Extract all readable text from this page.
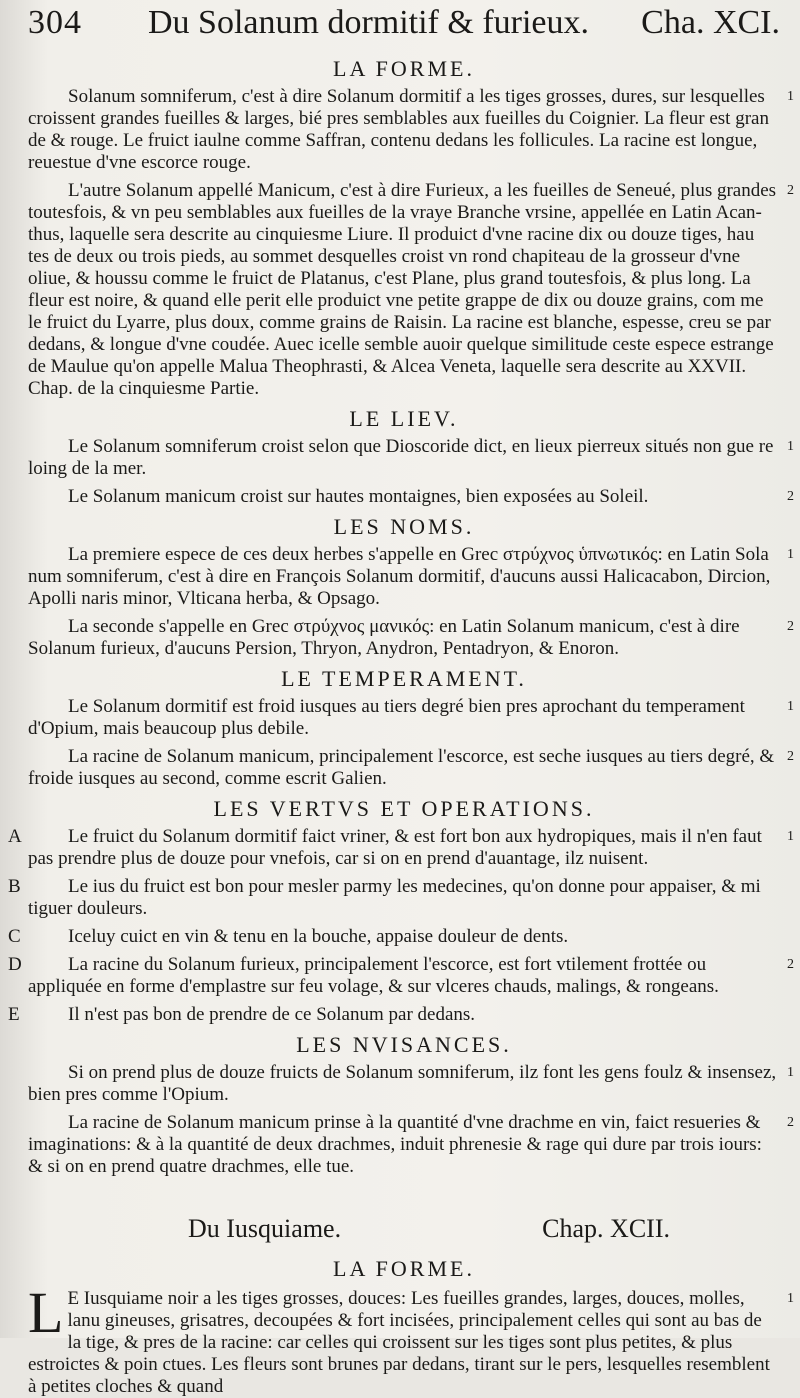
304 Du Solanum dormitif & furieux. Cha. XCI.
LA FORME.
Solanum somniferum, c'est à dire Solanum dormitif a les tiges grosses, dures, sur lesquelles croissent grandes fueilles & larges, bié pres semblables aux fueilles du Coignier. La fleur est gran de & rouge. Le fruict iaulne comme Saffran, contenu dedans les follicules. La racine est longue, reuestue d'vne escorce rouge.
1
L'autre Solanum appellé Manicum, c'est à dire Furieux, a les fueilles de Seneué, plus grandes toutesfois, & vn peu semblables aux fueilles de la vraye Branche vrsine, appellée en Latin Acan-thus, laquelle sera descrite au cinquiesme Liure. Il produict d'vne racine dix ou douze tiges, hau tes de deux ou trois pieds, au sommet desquelles croist vn rond chapiteau de la grosseur d'vne oliue, & houssu comme le fruict de Platanus, c'est Plane, plus grand toutesfois, & plus long. La fleur est noire, & quand elle perit elle produict vne petite grappe de dix ou douze grains, com me le fruict du Lyarre, plus doux, comme grains de Raisin. La racine est blanche, espesse, creu se par dedans, & longue d'vne coudée. Auec icelle semble auoir quelque similitude ceste espece estrange de Maulue qu'on appelle Malua Theophrasti, & Alcea Veneta, laquelle sera descrite au XXVII. Chap. de la cinquiesme Partie.
2
LE LIEV.
Le Solanum somniferum croist selon que Dioscoride dict, en lieux pierreux situés non gue re loing de la mer.
1
Le Solanum manicum croist sur hautes montaignes, bien exposées au Soleil.	2
LES NOMS.
La premiere espece de ces deux herbes s'appelle en Grec στρύχνος ὑπνωτικός: en Latin Sola num somniferum, c'est à dire en François Solanum dormitif, d'aucuns aussi Halicacabon, Dircion, Apolli naris minor, Vlticana herba, & Opsago.
1
La seconde s'appelle en Grec στρύχνος μανικός: en Latin Solanum manicum, c'est à dire Solanum furieux, d'aucuns Persion, Thryon, Anydron, Pentadryon, & Enoron.
2
LE TEMPERAMENT.
Le Solanum dormitif est froid iusques au tiers degré bien pres aprochant du temperament d'Opium, mais beaucoup plus debile.
1
La racine de Solanum manicum, principalement l'escorce, est seche iusques au tiers degré, & froide iusques au second, comme escrit Galien.
2
LES VERTVS ET OPERATIONS.
A	Le fruict du Solanum dormitif faict vriner, & est fort bon aux hydropiques, mais il n'en faut pas prendre plus de douze pour vnefois, car si on en prend d'auantage, ilz nuisent.
1
B	Le ius du fruict est bon pour mesler parmy les medecines, qu'on donne pour appaiser, & mi tiguer douleurs.
C	Iceluy cuict en vin & tenu en la bouche, appaise douleur de dents.
D	La racine du Solanum furieux, principalement l'escorce, est fort vtilement frottée ou appliquée en forme d'emplastre sur feu volage, & sur vlceres chauds, malings, & rongeans.
2
E	Il n'est pas bon de prendre de ce Solanum par dedans.
LES NVISANCES.
Si on prend plus de douze fruicts de Solanum somniferum, ilz font les gens foulz & insensez, bien pres comme l'Opium.
1
La racine de Solanum manicum prinse à la quantité d'vne drachme en vin, faict resueries & imaginations: & à la quantité de deux drachmes, induit phrenesie & rage qui dure par trois iours: & si on en prend quatre drachmes, elle tue.
2
Du Iusquiame.	Chap. XCII.
LA FORME.
L E Iusquiame noir a les tiges grosses, douces: Les fueilles grandes, larges, douces, molles, lanu gineuses, grisatres, decoupées & fort incisées, principalement celles qui sont au bas de la tige, & pres de la racine: car celles qui croissent sur les tiges sont plus petites, & plus estroictes & poin ctues. Les fleurs sont brunes par dedans, tirant sur le pers, lesquelles resemblent à petites cloches & quand
1
